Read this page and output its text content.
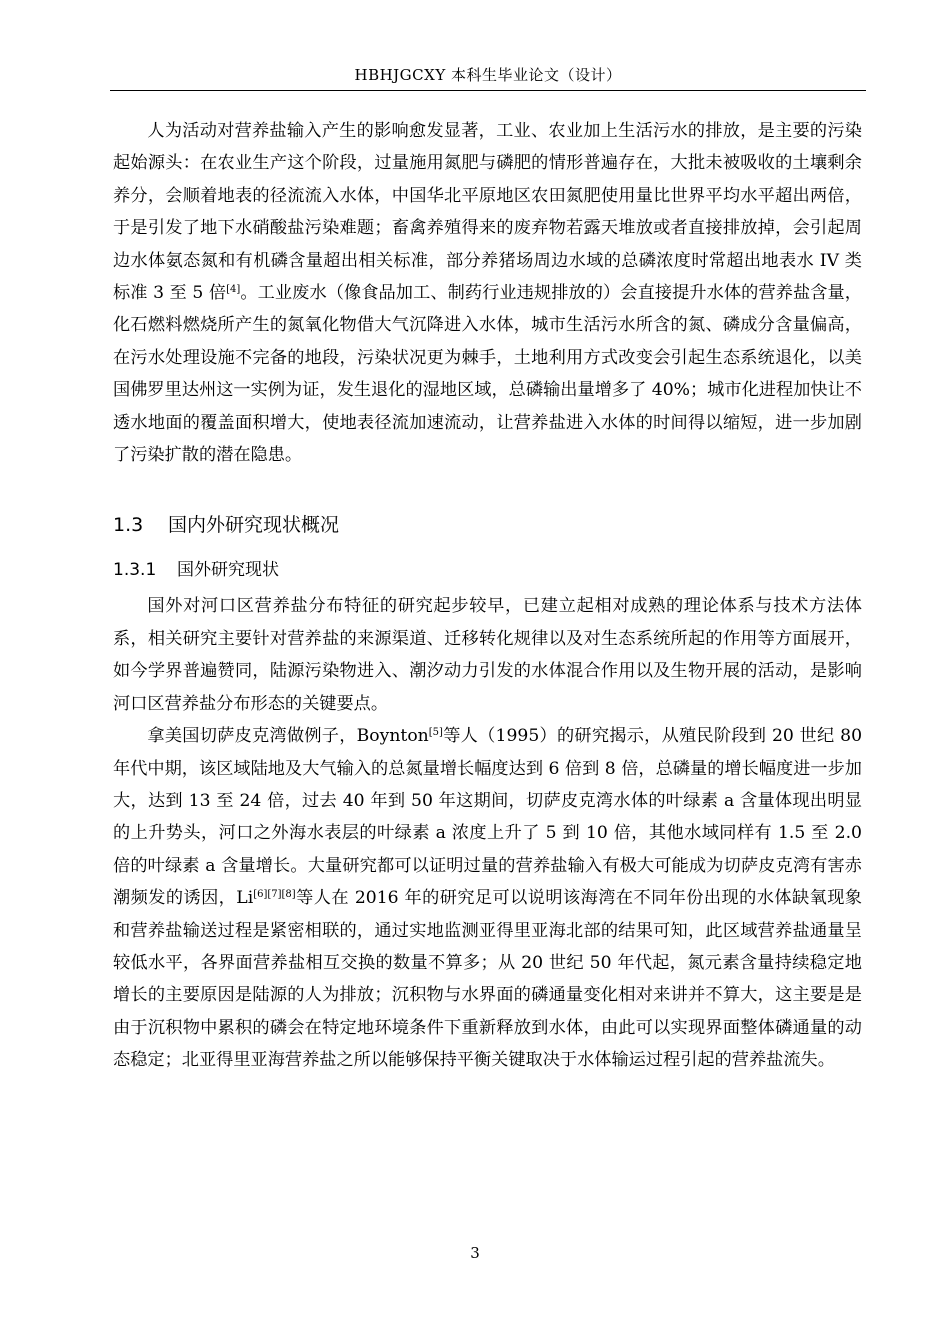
HBHJGCXY 本科生毕业论文（设计）

人为活动对营养盐输入产生的影响愈发显著，工业、农业加上生活污水的排放，是主要的污染起始源头：在农业生产这个阶段，过量施用氮肥与磷肥的情形普遍存在，大批未被吸收的土壤剩余养分，会顺着地表的径流流入水体，中国华北平原地区农田氮肥使用量比世界平均水平超出两倍，于是引发了地下水硝酸盐污染难题；畜禽养殖得来的废弃物若露天堆放或者直接排放掉，会引起周边水体氨态氮和有机磷含量超出相关标准，部分养猪场周边水域的总磷浓度时常超出地表水 IV 类标准 3 至 5 倍[4]。工业废水（像食品加工、制药行业违规排放的）会直接提升水体的营养盐含量，化石燃料燃烧所产生的氮氧化物借大气沉降进入水体，城市生活污水所含的氮、磷成分含量偏高，在污水处理设施不完备的地段，污染状况更为棘手，土地利用方式改变会引起生态系统退化，以美国佛罗里达州这一实例为证，发生退化的湿地区域，总磷输出量增多了 40%；城市化进程加快让不透水地面的覆盖面积增大，使地表径流加速流动，让营养盐进入水体的时间得以缩短，进一步加剧了污染扩散的潜在隐患。

1.3	国内外研究现状概况
1.3.1	国外研究现状

国外对河口区营养盐分布特征的研究起步较早，已建立起相对成熟的理论体系与技术方法体系，相关研究主要针对营养盐的来源渠道、迁移转化规律以及对生态系统所起的作用等方面展开，如今学界普遍赞同，陆源污染物进入、潮汐动力引发的水体混合作用以及生物开展的活动，是影响河口区营养盐分布形态的关键要点。

拿美国切萨皮克湾做例子，Boynton[5]等人（1995）的研究揭示，从殖民阶段到 20 世纪 80 年代中期，该区域陆地及大气输入的总氮量增长幅度达到 6 倍到 8 倍，总磷量的增长幅度进一步加大，达到 13 至 24 倍，过去 40 年到 50 年这期间，切萨皮克湾水体的叶绿素 a 含量体现出明显的上升势头，河口之外海水表层的叶绿素 a 浓度上升了 5 到 10 倍，其他水域同样有 1.5 至 2.0 倍的叶绿素 a 含量增长。大量研究都可以证明过量的营养盐输入有极大可能成为切萨皮克湾有害赤潮频发的诱因，Li[6][7][8]等人在 2016 年的研究足可以说明该海湾在不同年份出现的水体缺氧现象和营养盐输送过程是紧密相联的，通过实地监测亚得里亚海北部的结果可知，此区域营养盐通量呈较低水平，各界面营养盐相互交换的数量不算多；从 20 世纪 50 年代起，氮元素含量持续稳定地增长的主要原因是陆源的人为排放；沉积物与水界面的磷通量变化相对来讲并不算大，这主要是是由于沉积物中累积的磷会在特定地环境条件下重新释放到水体，由此可以实现界面整体磷通量的动态稳定；北亚得里亚海营养盐之所以能够保持平衡关键取决于水体输运过程引起的营养盐流失。

3
